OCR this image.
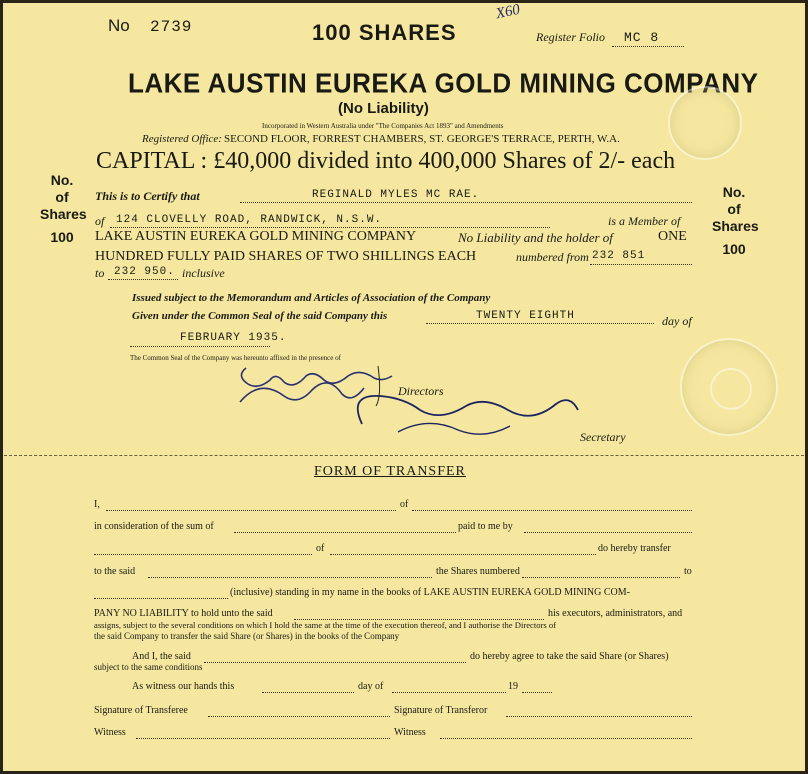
No 2739	100 SHARES
X60
Register Folio MC 8
LAKE AUSTIN EUREKA GOLD MINING COMPANY
(No Liability)
Incorporated in Western Australia under "The Companies Act 1893" and Amendments
Registered Office: SECOND FLOOR, FORREST CHAMBERS, ST. GEORGE'S TERRACE, PERTH, W.A.
CAPITAL : £40,000 divided into 400,000 Shares of 2/- each
No.
of
Shares
100
No.
of
Shares
100
This is to Certify that	REGINALD MYLES MC RAE.
of 124 CLOVELLY ROAD, RANDWICK, N.S.W.	is a Member of
LAKE AUSTIN EUREKA GOLD MINING COMPANY	No Liability and the holder of	ONE
HUNDRED FULLY PAID SHARES OF TWO SHILLINGS EACH	numbered from 232 851
to 232 950. inclusive
Issued subject to the Memorandum and Articles of Association of the Company
Given under the Common Seal of the said Company this	TWENTY EIGHTH	day of
FEBRUARY 1935.
The Common Seal of the Company was hereunto affixed in the presence of
Directors
Secretary
FORM OF TRANSFER
I,	of
in consideration of the sum of	paid to me by
of	do hereby transfer
to the said	the Shares numbered	to
(inclusive) standing in my name in the books of LAKE AUSTIN EUREKA GOLD MINING COM-
PANY NO LIABILITY to hold unto the said	his executors, administrators, and
assigns, subject to the several conditions on which I hold the same at the time of the execution thereof, and I authorise the Directors of
the said Company to transfer the said Share (or Shares) in the books of the Company
And I, the said	do hereby agree to take the said Share (or Shares)
subject to the same conditions
As witness our hands this	day of	19
Signature of Transferee	Signature of Transferor
Witness	Witness
